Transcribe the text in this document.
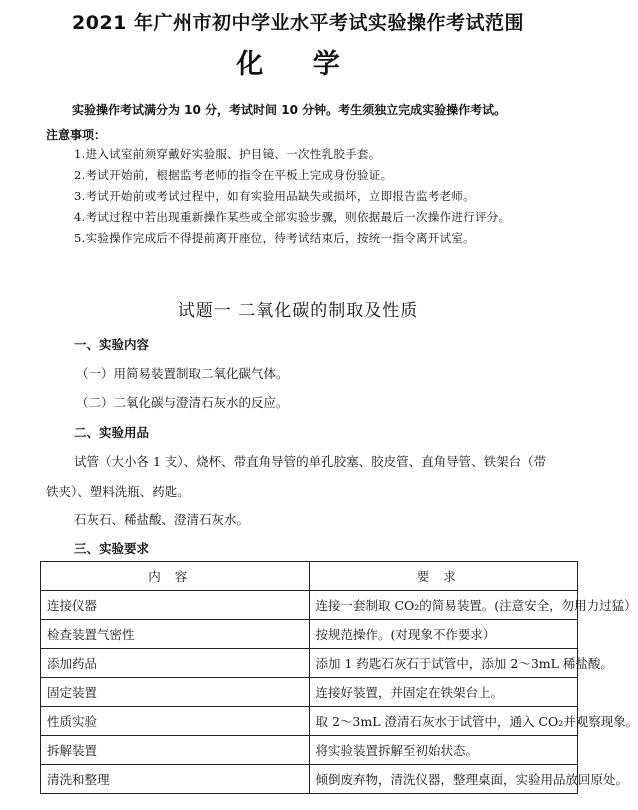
2021 年广州市初中学业水平考试实验操作考试范围
化 学
实验操作考试满分为 10 分，考试时间 10 分钟。考生须独立完成实验操作考试。
注意事项：
1.进入试室前须穿戴好实验服、护目镜、一次性乳胶手套。
2.考试开始前，根据监考老师的指令在平板上完成身份验证。
3.考试开始前或考试过程中，如有实验用品缺失或损坏，立即报告监考老师。
4.考试过程中若出现重新操作某些或全部实验步骤，则依据最后一次操作进行评分。
5.实验操作完成后不得提前离开座位，待考试结束后，按统一指令离开试室。
试题一 二氧化碳的制取及性质
一、实验内容
（一）用简易装置制取二氧化碳气体。
（二）二氧化碳与澄清石灰水的反应。
二、实验用品
试管（大小各 1 支）、烧杯、带直角导管的单孔胶塞、胶皮管、直角导管、铁架台（带
铁夹）、塑料洗瓶、药匙。
石灰石、稀盐酸、澄清石灰水。
三、实验要求
内容	要求
连接仪器	连接一套制取 CO₂的简易装置。(注意安全，勿用力过猛）
检查装置气密性	按规范操作。(对现象不作要求）
添加药品	添加 1 药匙石灰石于试管中，添加 2～3mL 稀盐酸。
固定装置	连接好装置，并固定在铁架台上。
性质实验	取 2～3mL 澄清石灰水于试管中，通入 CO₂并观察现象。
拆解装置	将实验装置拆解至初始状态。
清洗和整理	倾倒废弃物，清洗仪器，整理桌面，实验用品放回原处。
